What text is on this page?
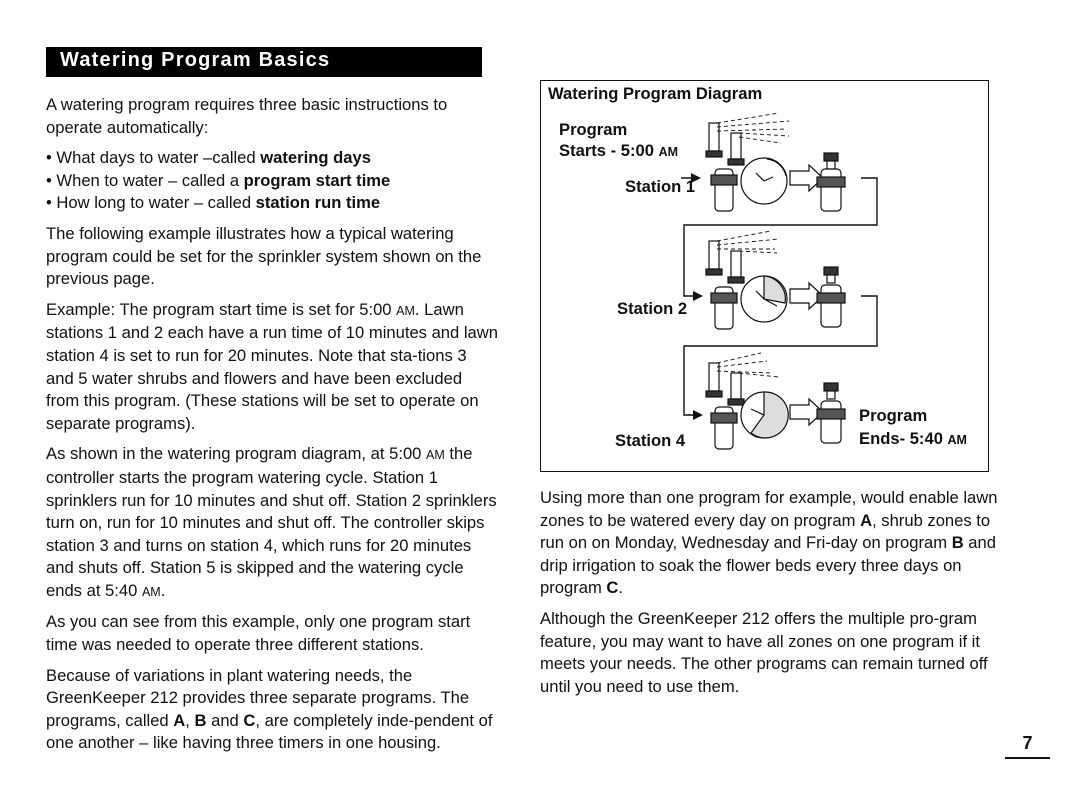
Watering Program Basics

A watering program requires three basic instructions to operate automatically:

• What days to water –called watering days
• When to water – called a program start time
• How long to water – called station run time

The following example illustrates how a typical watering program could be set for the sprinkler system shown on the previous page.

Example: The program start time is set for 5:00 AM. Lawn stations 1 and 2 each have a run time of 10 minutes and lawn station 4 is set to run for 20 minutes. Note that sta-tions 3 and 5 water shrubs and flowers and have been excluded from this program. (These stations will be set to operate on separate programs).

As shown in the watering program diagram, at 5:00 AM the controller starts the program watering cycle. Station 1 sprinklers run for 10 minutes and shut off. Station 2 sprinklers turn on, run for 10 minutes and shut off. The controller skips station 3 and turns on station 4, which runs for 20 minutes and shuts off. Station 5 is skipped and the watering cycle ends at 5:40 AM.

As you can see from this example, only one program start time was needed to operate three different stations.

Because of variations in plant watering needs, the GreenKeeper 212 provides three separate programs. The programs, called A, B and C, are completely inde-pendent of one another – like having three timers in one housing.

Watering Program Diagram
Program
Starts - 5:00 AM
Station 1
Station 2
Station 4
Program
Ends- 5:40 AM

Using more than one program for example, would enable lawn zones to be watered every day on program A, shrub zones to run on on Monday, Wednesday and Fri-day on program B and drip irrigation to soak the flower beds every three days on program C.

Although the GreenKeeper 212 offers the multiple pro-gram feature, you may want to have all zones on one program if it meets your needs. The other programs can remain turned off until you need to use them.

7
